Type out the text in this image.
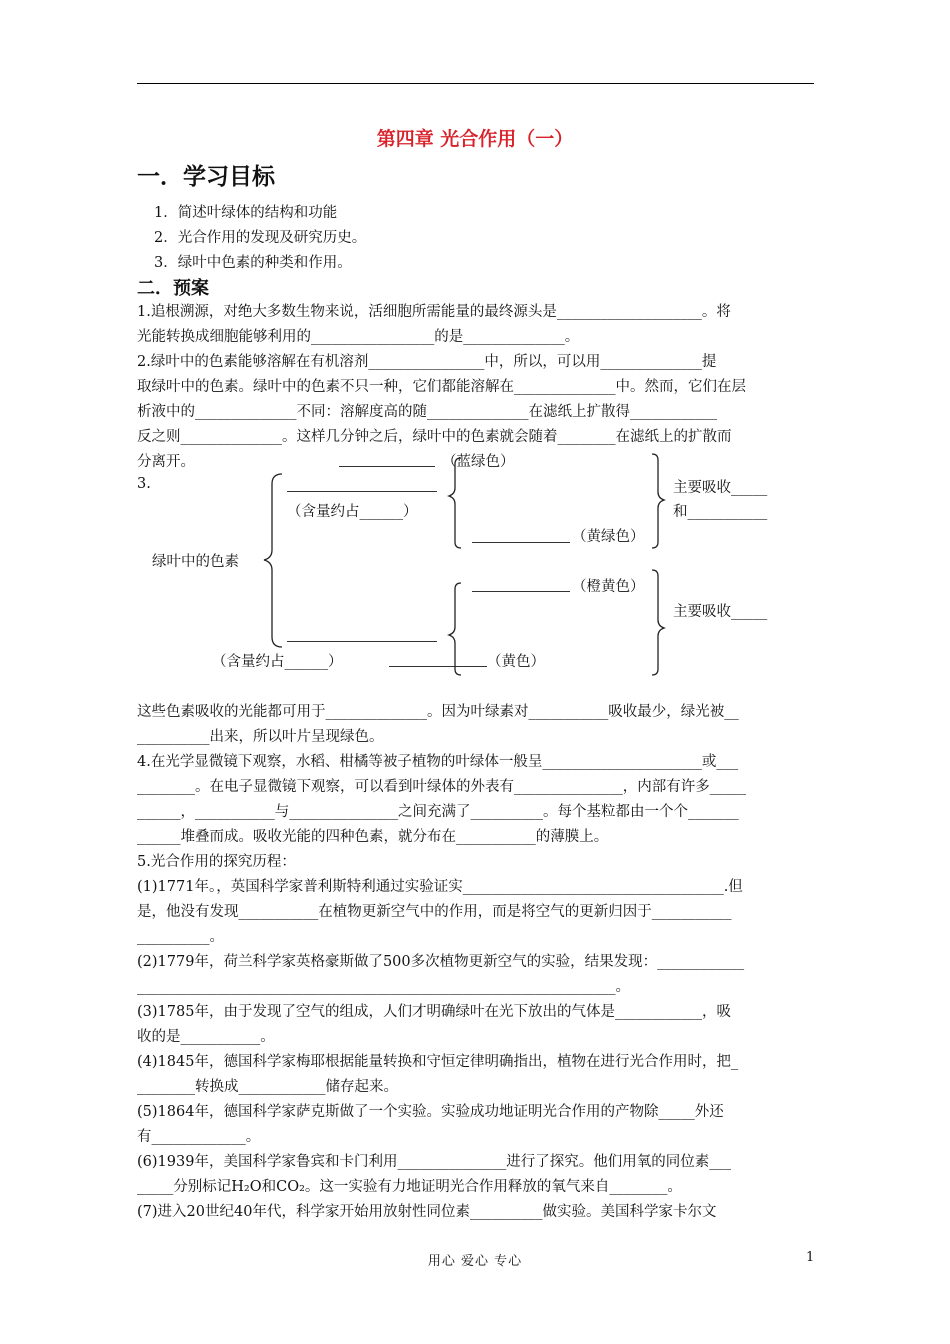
第四章 光合作用（一）
一．学习目标
1．简述叶绿体的结构和功能
2．光合作用的发现及研究历史。
3．绿叶中色素的种类和作用。
二．预案
1.追根溯源，对绝大多数生物来说，活细胞所需能量的最终源头是____________________。将
光能转换成细胞能够利用的_________________的是______________。
2.绿叶中的色素能够溶解在有机溶剂________________中，所以，可以用______________提
取绿叶中的色素。绿叶中的色素不只一种，它们都能溶解在______________中。然而，它们在层
析液中的______________不同：溶解度高的随______________在滤纸上扩散得____________
反之则______________。这样几分钟之后，绿叶中的色素就会随着________在滤纸上的扩散而
分离开。
3.
绿叶中的色素
（蓝绿色）
（含量约占______）
（黄绿色）
主要吸收_____
和___________
（橙黄色）
主要吸收_____
（含量约占______）	（黄色）
这些色素吸收的光能都可用于______________。因为叶绿素对___________吸收最少，绿光被__
__________出来，所以叶片呈现绿色。
4.在光学显微镜下观察，水稻、柑橘等被子植物的叶绿体一般呈______________________或___
________。在电子显微镜下观察，可以看到叶绿体的外表有_______________，内部有许多_____
______，___________与_______________之间充满了__________。每个基粒都由一个个_______
______堆叠而成。吸收光能的四种色素，就分布在___________的薄膜上。
5.光合作用的探究历程：
(1)1771年。，英国科学家普利斯特利通过实验证实____________________________________.但
是，他没有发现___________在植物更新空气中的作用，而是将空气的更新归因于___________
__________。
(2)1779年，荷兰科学家英格豪斯做了500多次植物更新空气的实验，结果发现：____________
__________________________________________________________________。
(3)1785年，由于发现了空气的组成，人们才明确绿叶在光下放出的气体是____________，吸
收的是___________。
(4)1845年，德国科学家梅耶根据能量转换和守恒定律明确指出，植物在进行光合作用时，把_
________转换成____________储存起来。
(5)1864年，德国科学家萨克斯做了一个实验。实验成功地证明光合作用的产物除_____外还
有_____________。
(6)1939年，美国科学家鲁宾和卡门利用_______________进行了探究。他们用氧的同位素___
_____分别标记H₂O和CO₂。这一实验有力地证明光合作用释放的氧气来自________。
(7)进入20世纪40年代，科学家开始用放射性同位素__________做实验。美国科学家卡尔文
用心 爱心 专心	1
